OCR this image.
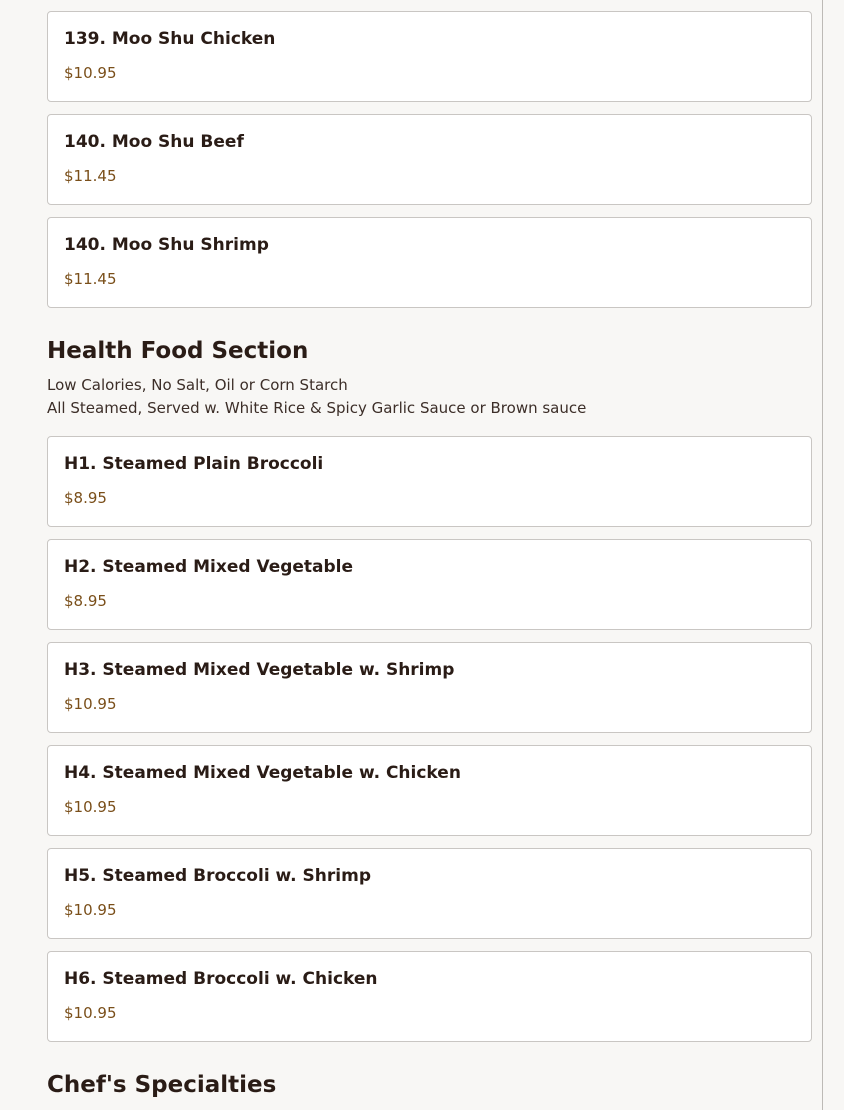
139. Moo Shu Chicken
$10.95
140. Moo Shu Beef
$11.45
140. Moo Shu Shrimp
$11.45
Health Food Section
Low Calories, No Salt, Oil or Corn Starch
All Steamed, Served w. White Rice & Spicy Garlic Sauce or Brown sauce
H1. Steamed Plain Broccoli
$8.95
H2. Steamed Mixed Vegetable
$8.95
H3. Steamed Mixed Vegetable w. Shrimp
$10.95
H4. Steamed Mixed Vegetable w. Chicken
$10.95
H5. Steamed Broccoli w. Shrimp
$10.95
H6. Steamed Broccoli w. Chicken
$10.95
Chef's Specialties
